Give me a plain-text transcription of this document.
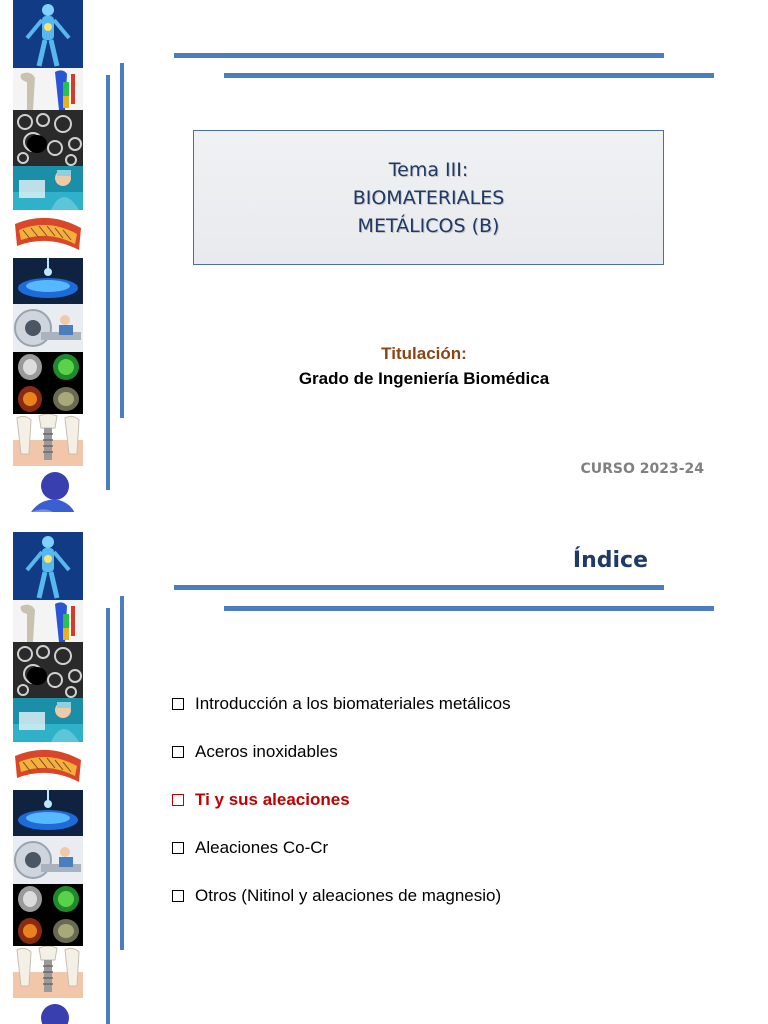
Tema III:
BIOMATERIALES
METÁLICOS (B)
Titulación:
Grado de Ingeniería Biomédica
CURSO 2023-24
Índice
Introducción a los biomateriales metálicos
Aceros inoxidables
Ti y sus aleaciones
Aleaciones Co-Cr
Otros (Nitinol y aleaciones de magnesio)
